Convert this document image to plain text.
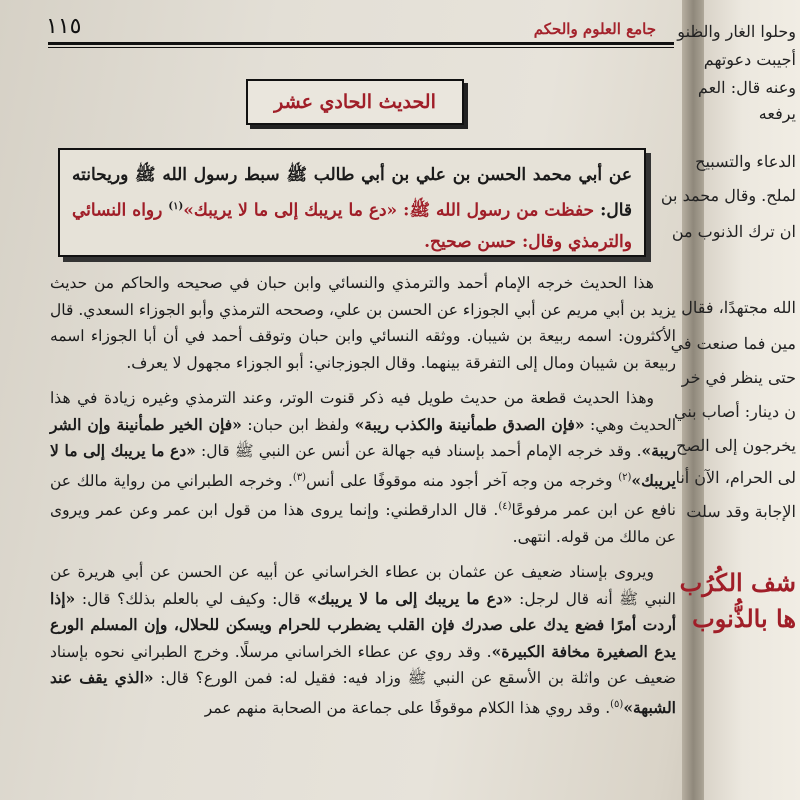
١١٥	جامع العلوم والحكم
الحديث الحادي عشر
عن أبي محمد الحسن بن علي بن أبي طالب ﷺ سبط رسول الله ﷺ وريحانته قال: حفظت من رسول الله ﷺ: «دع ما يريبك إلى ما لا يريبك»$^{(١)}$ رواه النسائي والترمذي وقال: حسن صحيح.

هذا الحديث خرجه الإمام أحمد والترمذي والنسائي وابن حبان في صحيحه والحاكم من حديث يزيد بن أبي مريم عن أبي الجوزاء عن الحسن بن علي، وصححه الترمذي وأبو الجوزاء السعدي. قال الأكثرون: اسمه ربيعة بن شيبان. ووثقه النسائي وابن حبان وتوقف أحمد في أن أبا الجوزاء اسمه ربيعة بن شيبان ومال إلى التفرقة بينهما. وقال الجوزجاني: أبو الجوزاء مجهول لا يعرف.

وهذا الحديث قطعة من حديث طويل فيه ذكر قنوت الوتر، وعند الترمذي وغيره زيادة في هذا الحديث وهي: «فإن الصدق طمأنينة والكذب ريبة» ولفظ ابن حبان: «فإن الخير طمأنينة وإن الشر ريبة». وقد خرجه الإمام أحمد بإسناد فيه جهالة عن أنس عن النبي ﷺ قال: «دع ما يريبك إلى ما لا يريبك»$^{(٢)}$ وخرجه من وجه آخر أجود منه موقوفًا على أنس$^{(٣)}$. وخرجه الطبراني من رواية مالك عن نافع عن ابن عمر مرفوعًا$^{(٤)}$. قال الدارقطني: وإنما يروى هذا من قول ابن عمر وعن عمر ويروى عن مالك من قوله. انتهى.

ويروى بإسناد ضعيف عن عثمان بن عطاء الخراساني عن أبيه عن الحسن عن أبي هريرة عن النبي ﷺ أنه قال لرجل: «دع ما يريبك إلى ما لا يريبك» قال: وكيف لي بالعلم بذلك؟ قال: «إذا أردت أمرًا فضع يدك على صدرك فإن القلب يضطرب للحرام ويسكن للحلال، وإن المسلم الورع يدع الصغيرة مخافة الكبيرة». وقد روي عن عطاء الخراساني مرسلًا. وخرج الطبراني نحوه بإسناد ضعيف عن واثلة بن الأسقع عن النبي ﷺ وزاد فيه: فقيل له: فمن الورع؟ قال: «الذي يقف عند الشبهة»$^{(٥)}$. وقد روي هذا الكلام موقوفًا على جماعة من الصحابة منهم عمر

وحلوا الغار والظنو
أجيبت دعوتهم
وعنه قال: العم
يرفعه
الدعاء والتسبيح
لملح. وقال محمد بن
ان ترك الذنوب من
الله مجتهدًا، فقال
مين فما صنعت في
حتى ينظر في خر
ن دينار: أصاب بني
يخرجون إلى الصح
لى الحرام، الآن أنا
الإجابة وقد سلت
شف الكُرُب
ها بالذُّنوب
